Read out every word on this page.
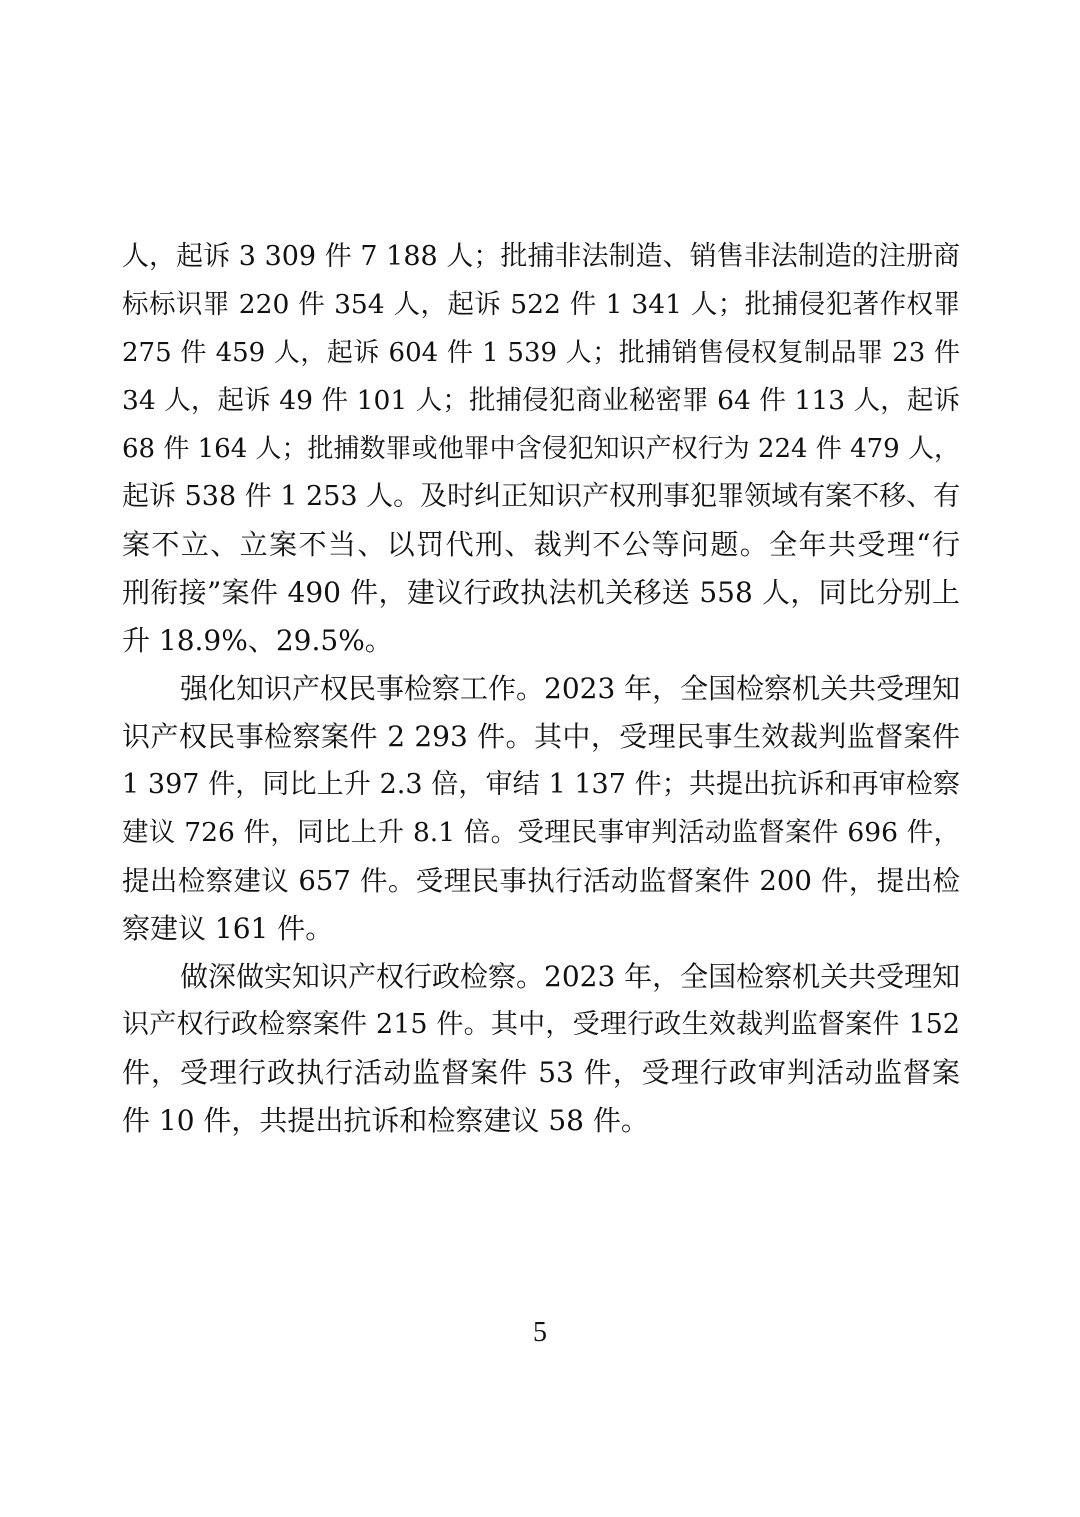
人，起诉 3 309 件 7 188 人；批捕非法制造、销售非法制造的注册商
标标识罪 220 件 354 人，起诉 522 件 1 341 人；批捕侵犯著作权罪
275 件 459 人，起诉 604 件 1 539 人；批捕销售侵权复制品罪 23 件
34 人，起诉 49 件 101 人；批捕侵犯商业秘密罪 64 件 113 人，起诉
68 件 164 人；批捕数罪或他罪中含侵犯知识产权行为 224 件 479 人，
起诉 538 件 1 253 人。及时纠正知识产权刑事犯罪领域有案不移、有
案不立、立案不当、以罚代刑、裁判不公等问题。全年共受理“行
刑衔接”案件 490 件，建议行政执法机关移送 558 人，同比分别上
升 18.9%、29.5%。
强化知识产权民事检察工作。2023 年，全国检察机关共受理知
识产权民事检察案件 2 293 件。其中，受理民事生效裁判监督案件
1 397 件，同比上升 2.3 倍，审结 1 137 件；共提出抗诉和再审检察
建议 726 件，同比上升 8.1 倍。受理民事审判活动监督案件 696 件，
提出检察建议 657 件。受理民事执行活动监督案件 200 件，提出检
察建议 161 件。
做深做实知识产权行政检察。2023 年，全国检察机关共受理知
识产权行政检察案件 215 件。其中，受理行政生效裁判监督案件 152
件，受理行政执行活动监督案件 53 件，受理行政审判活动监督案
件 10 件，共提出抗诉和检察建议 58 件。
5
